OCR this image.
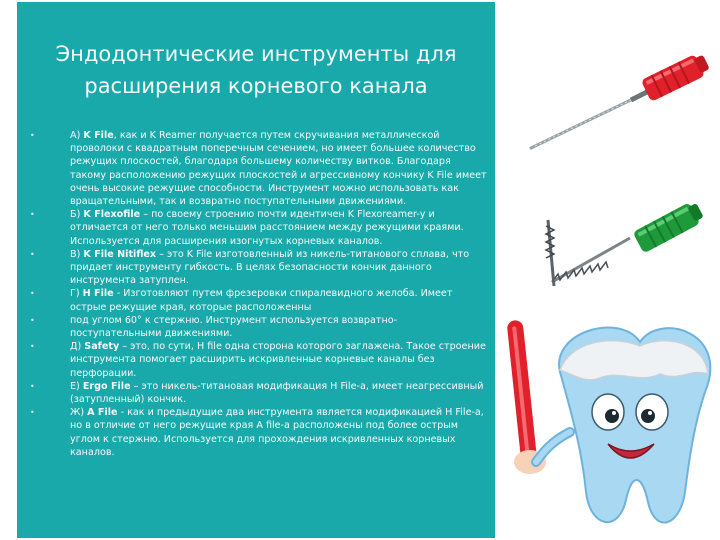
Эндодонтические инструменты для
расширения корневого канала
•	А) K File, как и K Reamer получается путем скручивания металлической проволоки с квадратным поперечным сечением, но имеет большее количество режущих плоскостей, благодаря большему количеству витков. Благодаря такому расположению режущих плоскостей и агрессивному кончику K File имеет очень высокие режущие способности. Инструмент можно использовать как вращательными, так и возвратно поступательными движениями.
•	Б) K Flexofile – по своему строению почти идентичен K Flexoreamer-у и отличается от него только меньшим расстоянием между режущими краями. Используется для расширения изогнутых корневых каналов.
•	В) K File Nitiflex – это K File изготовленный из никель-титанового сплава, что придает инструменту гибкость. В целях безопасности кончик данного инструмента затуплен.
•	Г) H File - Изготовляют путем фрезеровки спиралевидного желоба. Имеет острые режущие края, которые расположенны
•	под углом 60° к стержню. Инструмент используется возвратно-поступательными движениями.
•	Д) Safety – это, по сути, H file одна сторона которого заглажена. Такое строение инструмента помогает расширить искривленные корневые каналы без перфорации.
•	Е) Ergo File – это никель-титановая модификация H File-a, имеет неагрессивный (затупленный) кончик.
•	Ж) A File - как и предыдущие два инструмента является модификацией H File-a, но в отличие от него режущие края A file-a расположены под более острым углом к стержню. Используется для прохождения искривленных корневых каналов.
